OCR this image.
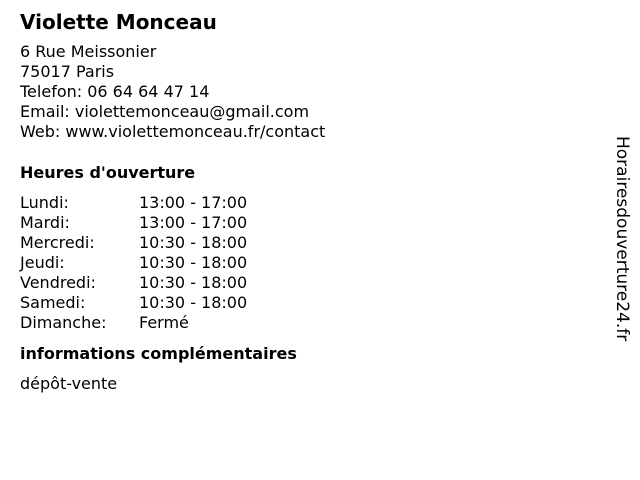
Violette Monceau
6 Rue Meissonier
75017 Paris
Telefon: 06 64 64 47 14
Email: violettemonceau@gmail.com
Web: www.violettemonceau.fr/contact
Heures d'ouverture
Lundi:	13:00 - 17:00
Mardi:	13:00 - 17:00
Mercredi:	10:30 - 18:00
Jeudi:	10:30 - 18:00
Vendredi:	10:30 - 18:00
Samedi:	10:30 - 18:00
Dimanche:	Fermé
informations complémentaires
dépôt-vente
Horairesdouverture24.fr
